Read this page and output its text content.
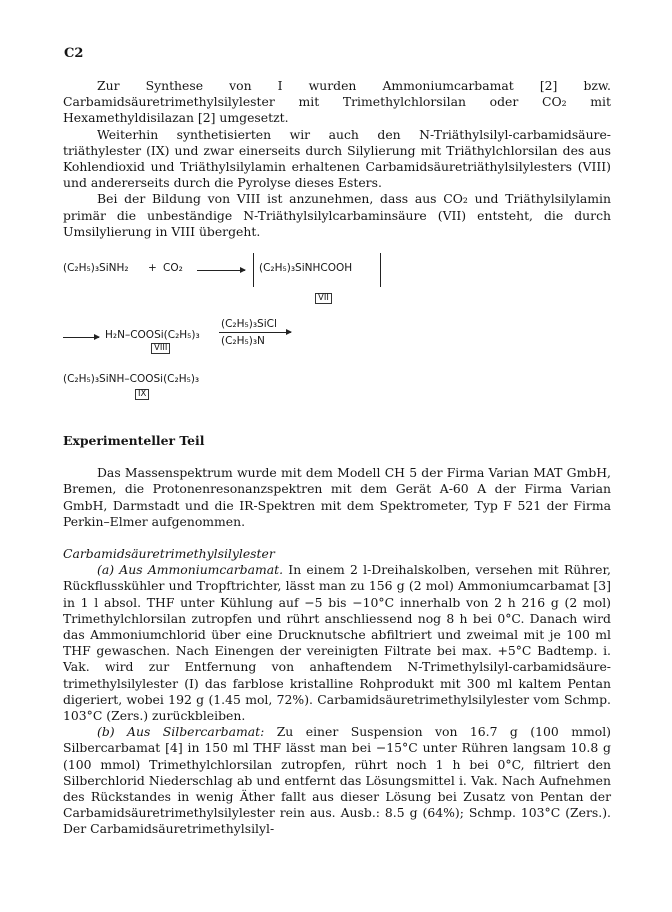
C2

Zur Synthese von I wurden Ammoniumcarbamat [2] bzw. Carbamidsäuretrimethylsilylester mit Trimethylchlorsilan oder CO₂ mit Hexamethyldisilazan [2] umgesetzt.

Weiterhin synthetisierten wir auch den N-Triäthylsilyl-carbamidsäure-triäthylester (IX) und zwar einerseits durch Silylierung mit Triäthylchlorsilan des aus Kohlendioxid und Triäthylsilylamin erhaltenen Carbamidsäuretriäthylsilylesters (VIII) und andererseits durch die Pyrolyse dieses Esters.

Bei der Bildung von VIII ist anzunehmen, dass aus CO₂ und Triäthylsilylamin primär die unbeständige N-Triäthylsilylcarbaminsäure (VII) entsteht, die durch Umsilylierung in VIII übergeht.

(C₂H₅)₃SiNH₂ + CO₂	(C₂H₅)₃SiNHCOOH
VII
→ H₂N–COOSi(C₂H₅)₃
VIII
(C₂H₅)₃SiCl
(C₂H₅)₃N
(C₂H₅)₃SiNH–COOSi(C₂H₅)₃
IX

Experimenteller Teil

Das Massenspektrum wurde mit dem Modell CH 5 der Firma Varian MAT GmbH, Bremen, die Protonenresonanzspektren mit dem Gerät A-60 A der Firma Varian GmbH, Darmstadt und die IR-Spektren mit dem Spektrometer, Typ F 521 der Firma Perkin–Elmer aufgenommen.

Carbamidsäuretrimethylsilylester

(a) Aus Ammoniumcarbamat. In einem 2 l-Dreihalskolben, versehen mit Rührer, Rückflusskühler und Tropftrichter, lässt man zu 156 g (2 mol) Ammoniumcarbamat [3] in 1 l absol. THF unter Kühlung auf −5 bis −10°C innerhalb von 2 h 216 g (2 mol) Trimethylchlorsilan zutropfen und rührt anschliessend nog 8 h bei 0°C. Danach wird das Ammoniumchlorid über eine Drucknutsche abfiltriert und zweimal mit je 100 ml THF gewaschen. Nach Einengen der vereinigten Filtrate bei max. +5°C Badtemp. i. Vak. wird zur Entfernung von anhaftendem N-Trimethylsilyl-carbamidsäure-trimethylsilylester (I) das farblose kristalline Rohprodukt mit 300 ml kaltem Pentan digeriert, wobei 192 g (1.45 mol, 72%). Carbamidsäuretrimethylsilylester vom Schmp. 103°C (Zers.) zurückbleiben.

(b) Aus Silbercarbamat: Zu einer Suspension von 16.7 g (100 mmol) Silbercarbamat [4] in 150 ml THF lässt man bei −15°C unter Rühren langsam 10.8 g (100 mmol) Trimethylchlorsilan zutropfen, rührt noch 1 h bei 0°C, filtriert den Silberchlorid Niederschlag ab und entfernt das Lösungsmittel i. Vak. Nach Aufnehmen des Rückstandes in wenig Äther fallt aus dieser Lösung bei Zusatz von Pentan der Carbamidsäuretrimethylsilylester rein aus. Ausb.: 8.5 g (64%); Schmp. 103°C (Zers.). Der Carbamidsäuretrimethylsilyl-
